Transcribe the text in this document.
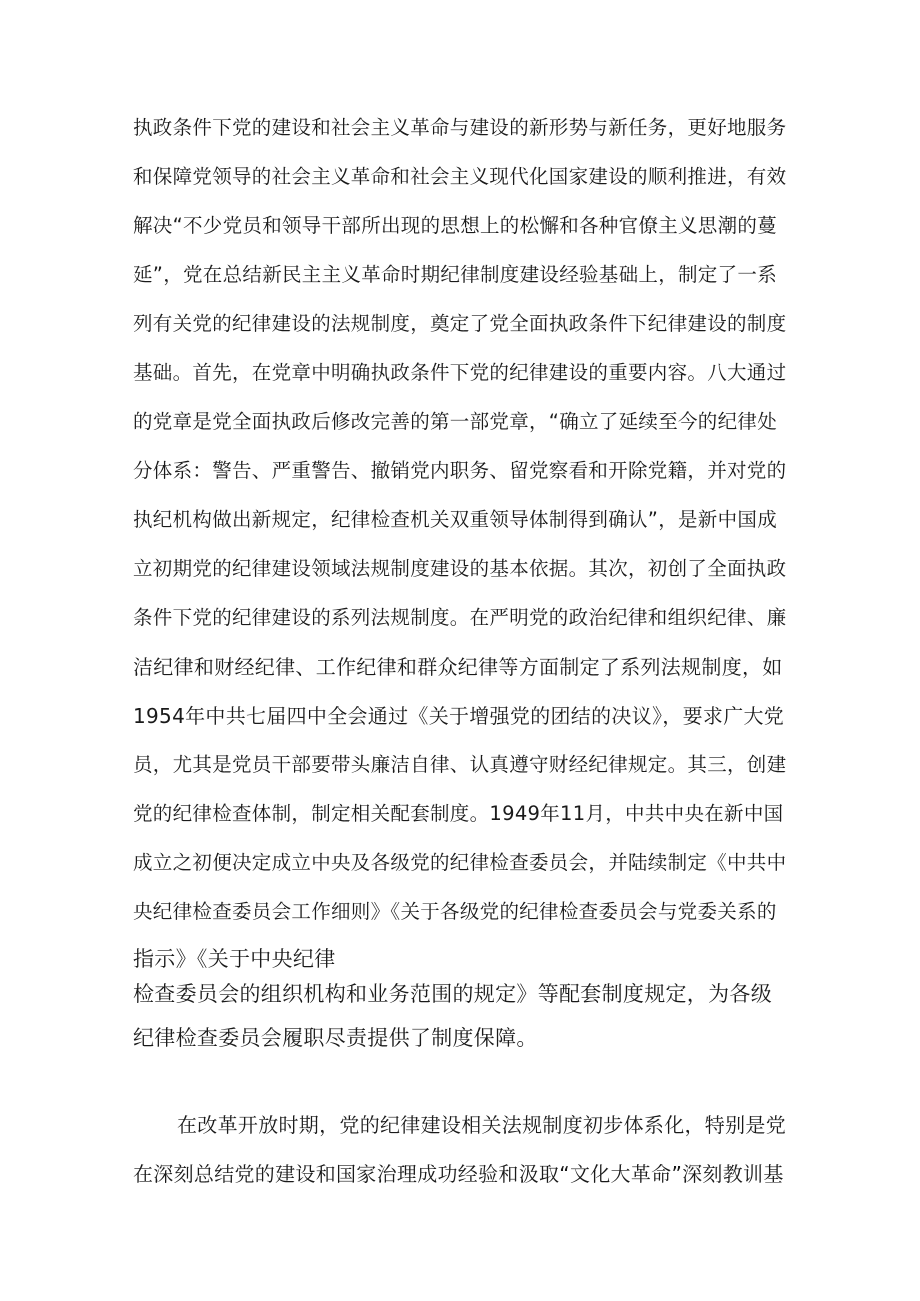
执政条件下党的建设和社会主义革命与建设的新形势与新任务，更好地服务

和保障党领导的社会主义革命和社会主义现代化国家建设的顺利推进，有效

解决“不少党员和领导干部所出现的思想上的松懈和各种官僚主义思潮的蔓

延”，党在总结新民主主义革命时期纪律制度建设经验基础上，制定了一系

列有关党的纪律建设的法规制度，奠定了党全面执政条件下纪律建设的制度

基础。首先，在党章中明确执政条件下党的纪律建设的重要内容。八大通过

的党章是党全面执政后修改完善的第一部党章，“确立了延续至今的纪律处

分体系：警告、严重警告、撤销党内职务、留党察看和开除党籍，并对党的

执纪机构做出新规定，纪律检查机关双重领导体制得到确认”，是新中国成

立初期党的纪律建设领域法规制度建设的基本依据。其次，初创了全面执政

条件下党的纪律建设的系列法规制度。在严明党的政治纪律和组织纪律、廉

洁纪律和财经纪律、工作纪律和群众纪律等方面制定了系列法规制度，如

1954年中共七届四中全会通过《关于增强党的团结的决议》，要求广大党

员，尤其是党员干部要带头廉洁自律、认真遵守财经纪律规定。其三，创建

党的纪律检查体制，制定相关配套制度。1949年11月，中共中央在新中国

成立之初便决定成立中央及各级党的纪律检查委员会，并陆续制定《中共中

央纪律检查委员会工作细则》《关于各级党的纪律检查委员会与党委关系的

指示》《关于中央纪律

检查委员会的组织机构和业务范围的规定》等配套制度规定，为各级

纪律检查委员会履职尽责提供了制度保障。

在改革开放时期，党的纪律建设相关法规制度初步体系化，特别是党

在深刻总结党的建设和国家治理成功经验和汲取“文化大革命”深刻教训基
